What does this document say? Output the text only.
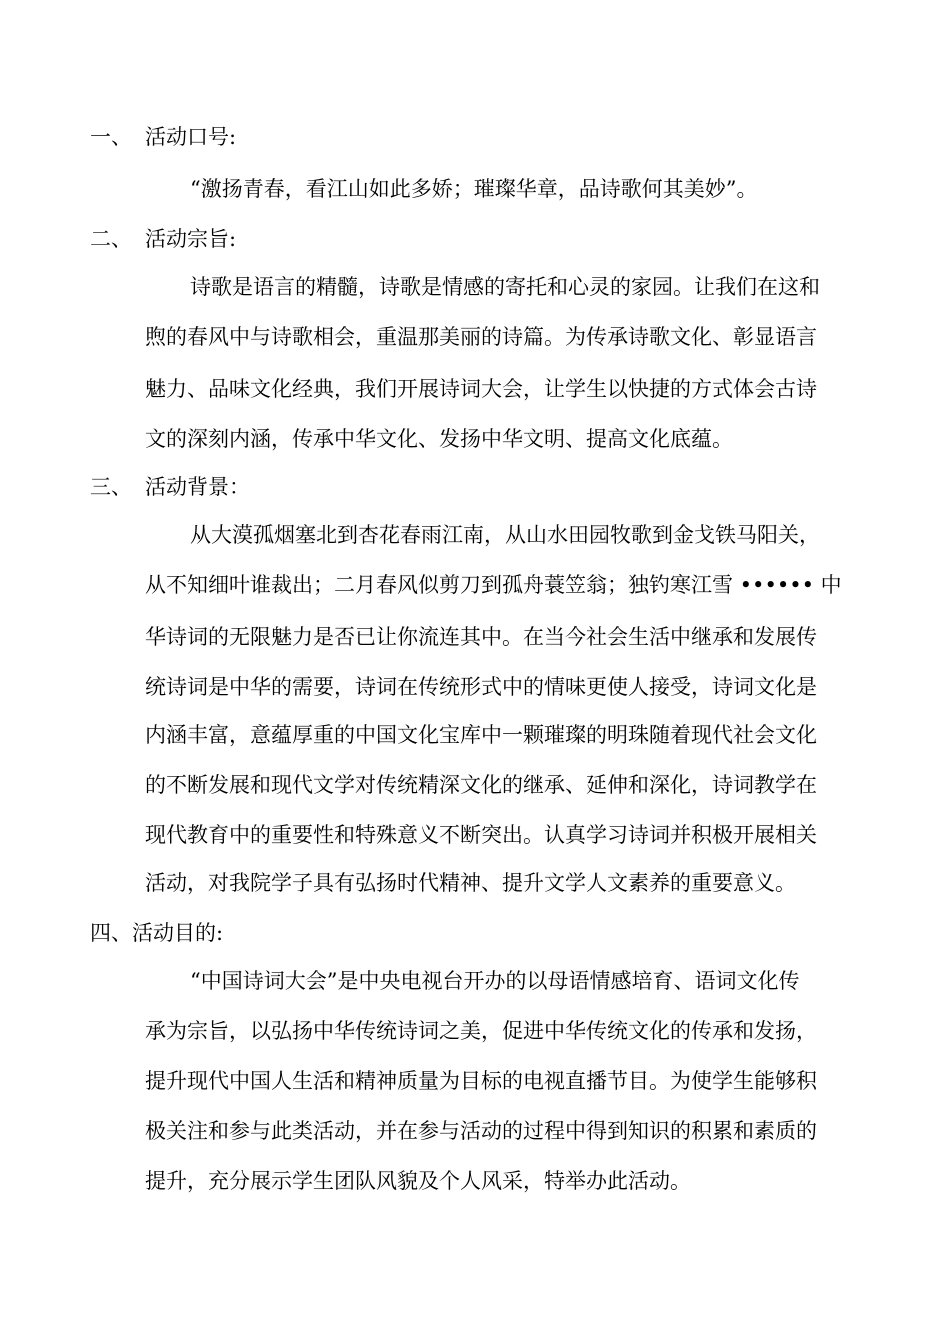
一、 活动口号:
“激扬青春，看江山如此多娇；璀璨华章，品诗歌何其美妙”。
二、 活动宗旨:
诗歌是语言的精髓，诗歌是情感的寄托和心灵的家园。让我们在这和
煦的春风中与诗歌相会，重温那美丽的诗篇。为传承诗歌文化、彰显语言
魅力、品味文化经典，我们开展诗词大会，让学生以快捷的方式体会古诗
文的深刻内涵，传承中华文化、发扬中华文明、提高文化底蕴。
三、 活动背景：
从大漠孤烟塞北到杏花春雨江南，从山水田园牧歌到金戈铁马阳关，
从不知细叶谁裁出；二月春风似剪刀到孤舟蓑笠翁；独钓寒江雪 •••••• 中
华诗词的无限魅力是否已让你流连其中。在当今社会生活中继承和发展传
统诗词是中华的需要，诗词在传统形式中的情味更使人接受，诗词文化是
内涵丰富，意蕴厚重的中国文化宝库中一颗璀璨的明珠随着现代社会文化
的不断发展和现代文学对传统精深文化的继承、延伸和深化，诗词教学在
现代教育中的重要性和特殊意义不断突出。认真学习诗词并积极开展相关
活动，对我院学子具有弘扬时代精神、提升文学人文素养的重要意义。
四、活动目的:
“中国诗词大会”是中央电视台开办的以母语情感培育、语词文化传
承为宗旨，以弘扬中华传统诗词之美，促进中华传统文化的传承和发扬，
提升现代中国人生活和精神质量为目标的电视直播节目。为使学生能够积
极关注和参与此类活动，并在参与活动的过程中得到知识的积累和素质的
提升，充分展示学生团队风貌及个人风采，特举办此活动。
